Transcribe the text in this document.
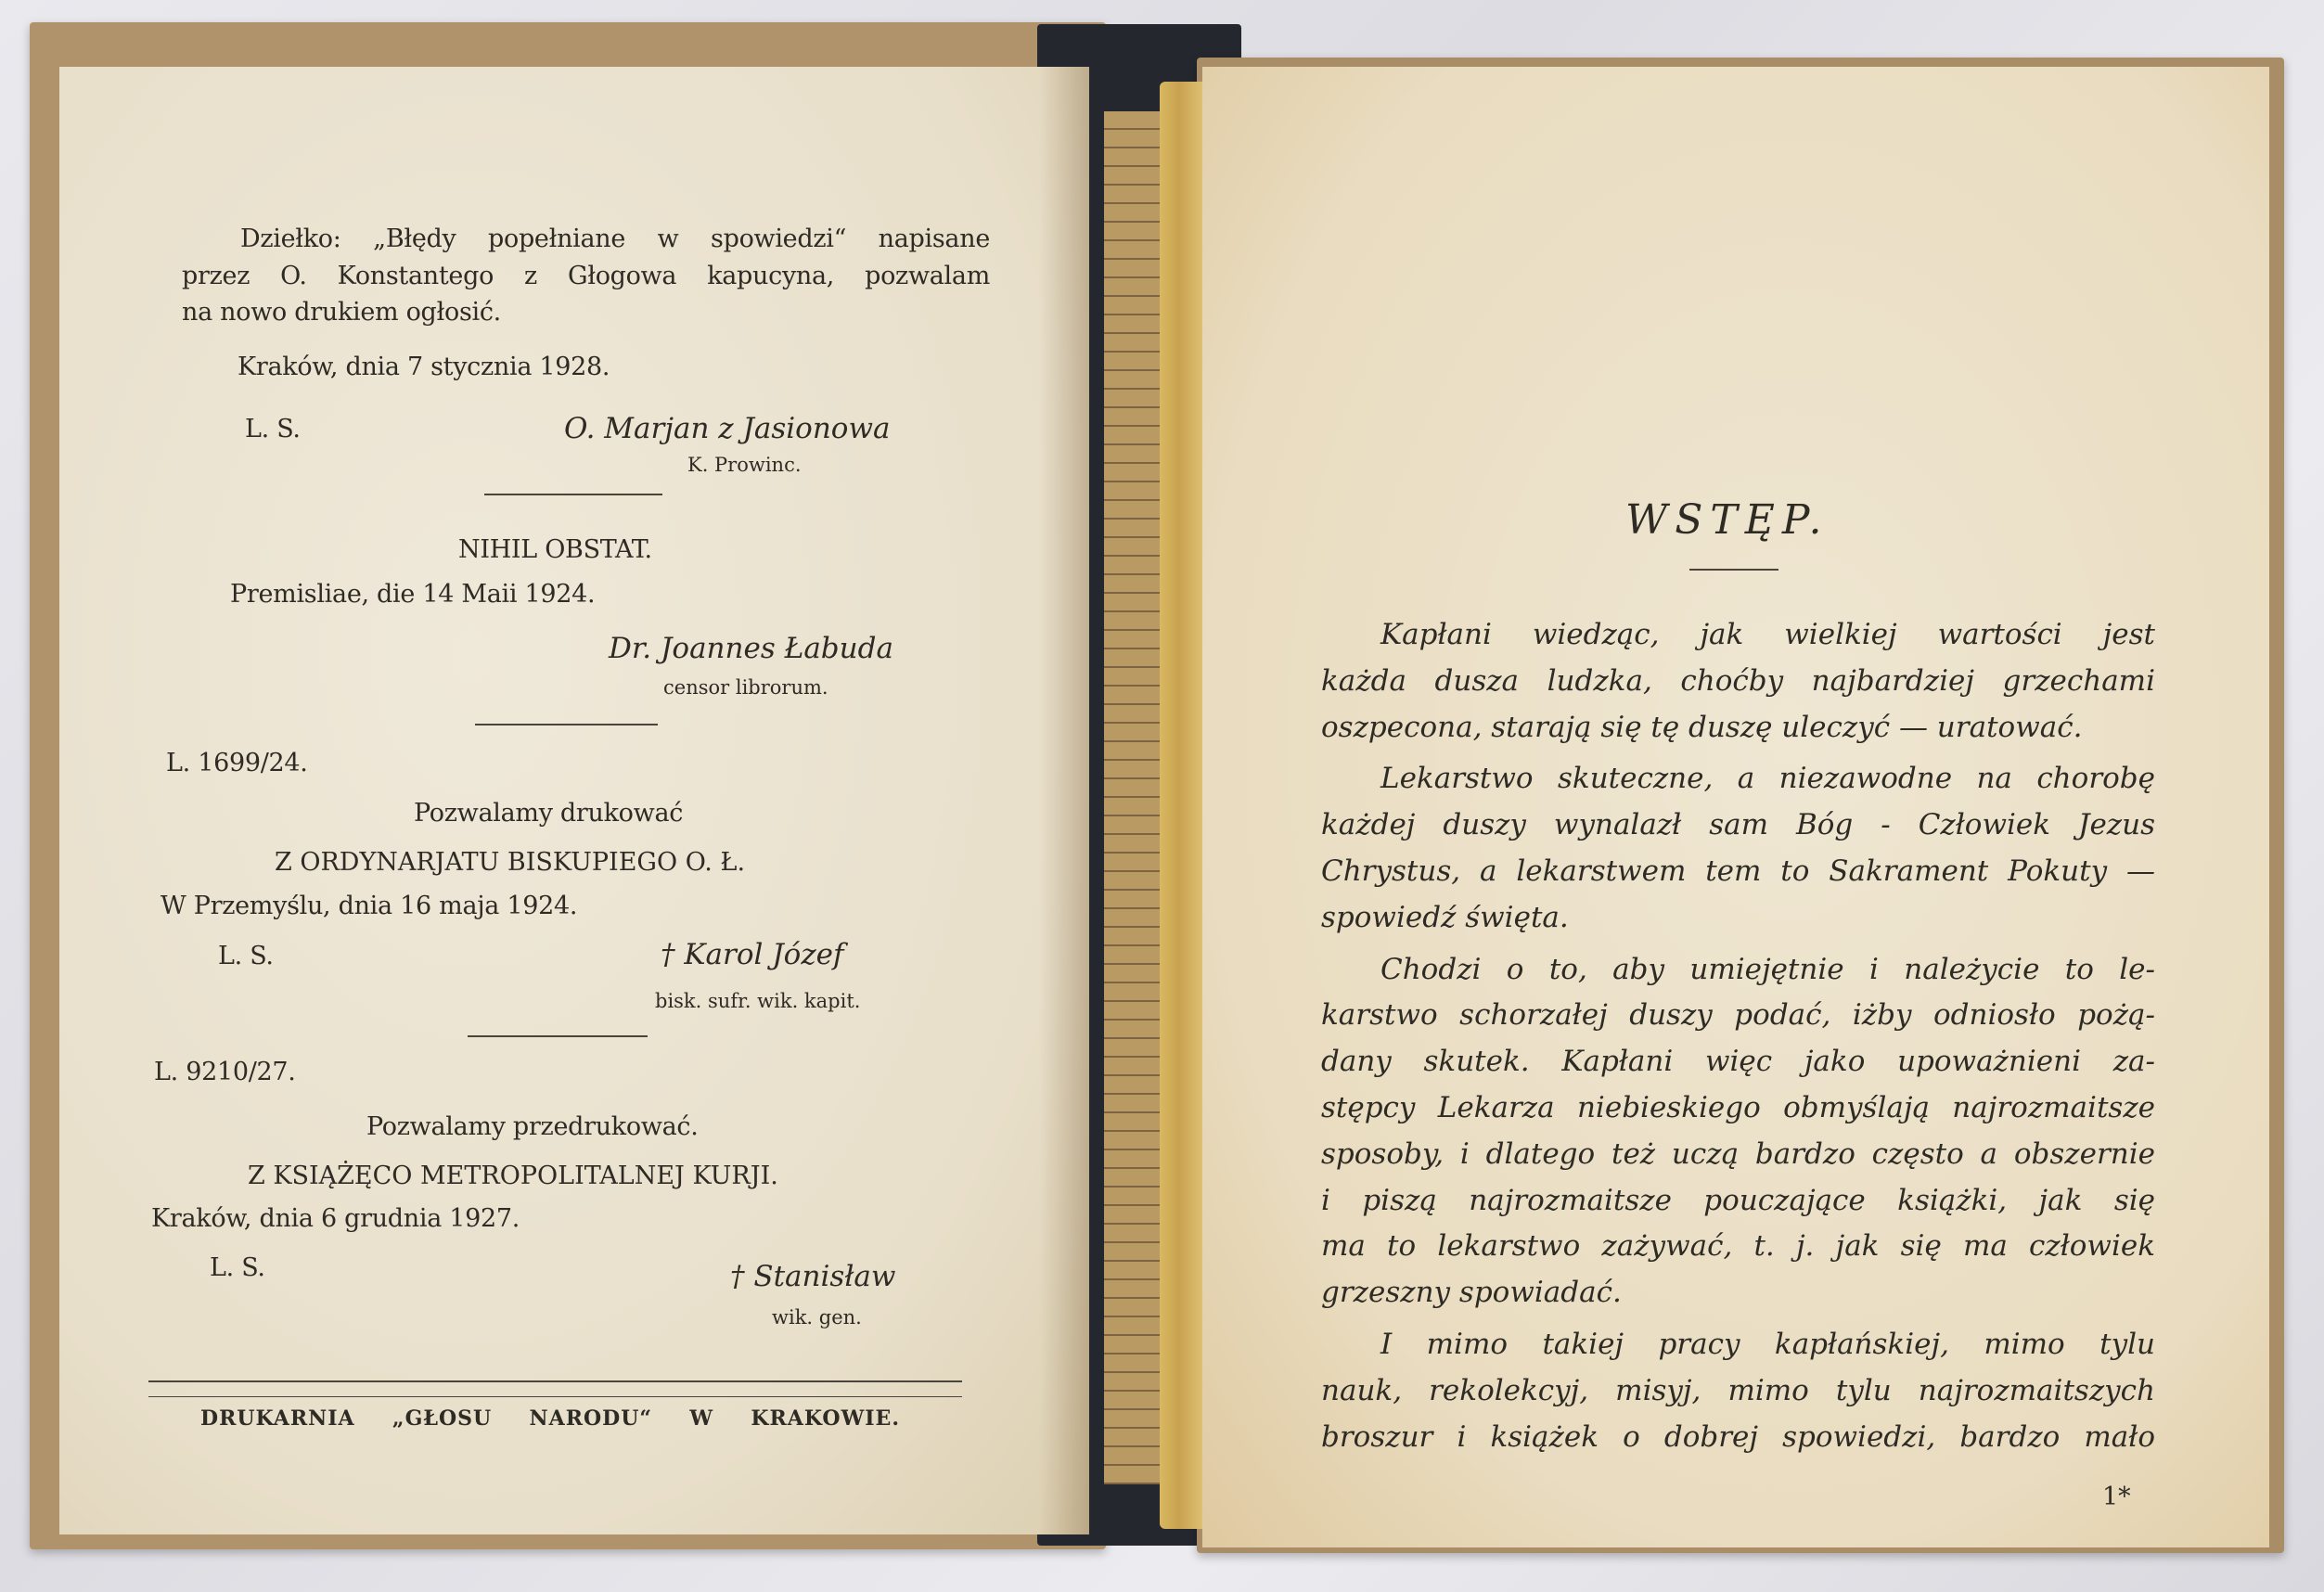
Dziełko: „Błędy popełniane w spowiedzi“ napisane
przez O. Konstantego z Głogowa kapucyna, pozwalam
na nowo drukiem ogłosić.
Kraków, dnia 7 stycznia 1928.
L. S.	O. Marjan z Jasionowa
K. Prowinc.
NIHIL OBSTAT.
Premisliae, die 14 Maii 1924.
Dr. Joannes Łabuda
censor librorum.
L. 1699/24.
Pozwalamy drukować
Z ORDYNARJATU BISKUPIEGO O. Ł.
W Przemyślu, dnia 16 maja 1924.
L. S.	† Karol Józef
bisk. sufr. wik. kapit.
L. 9210/27.
Pozwalamy przedrukować.
Z KSIĄŻĘCO METROPOLITALNEJ KURJI.
Kraków, dnia 6 grudnia 1927.
L. S.	† Stanisław
wik. gen.
DRUKARNIA „GŁOSU NARODU“ W KRAKOWIE.
WSTĘP.
Kapłani wiedząc, jak wielkiej wartości jest
każda dusza ludzka, choćby najbardziej grzechami
oszpecona, starają się tę duszę uleczyć — uratować.
Lekarstwo skuteczne, a niezawodne na chorobę
każdej duszy wynalazł sam Bóg - Człowiek Jezus
Chrystus, a lekarstwem tem to Sakrament Pokuty —
spowiedź święta.
Chodzi o to, aby umiejętnie i należycie to le-
karstwo schorzałej duszy podać, iżby odniosło pożą-
dany skutek. Kapłani więc jako upoważnieni za-
stępcy Lekarza niebieskiego obmyślają najrozmaitsze
sposoby, i dlatego też uczą bardzo często a obszernie
i piszą najrozmaitsze pouczające książki, jak się
ma to lekarstwo zażywać, t. j. jak się ma człowiek
grzeszny spowiadać.
I mimo takiej pracy kapłańskiej, mimo tylu
nauk, rekolekcyj, misyj, mimo tylu najrozmaitszych
broszur i książek o dobrej spowiedzi, bardzo mało
1*
